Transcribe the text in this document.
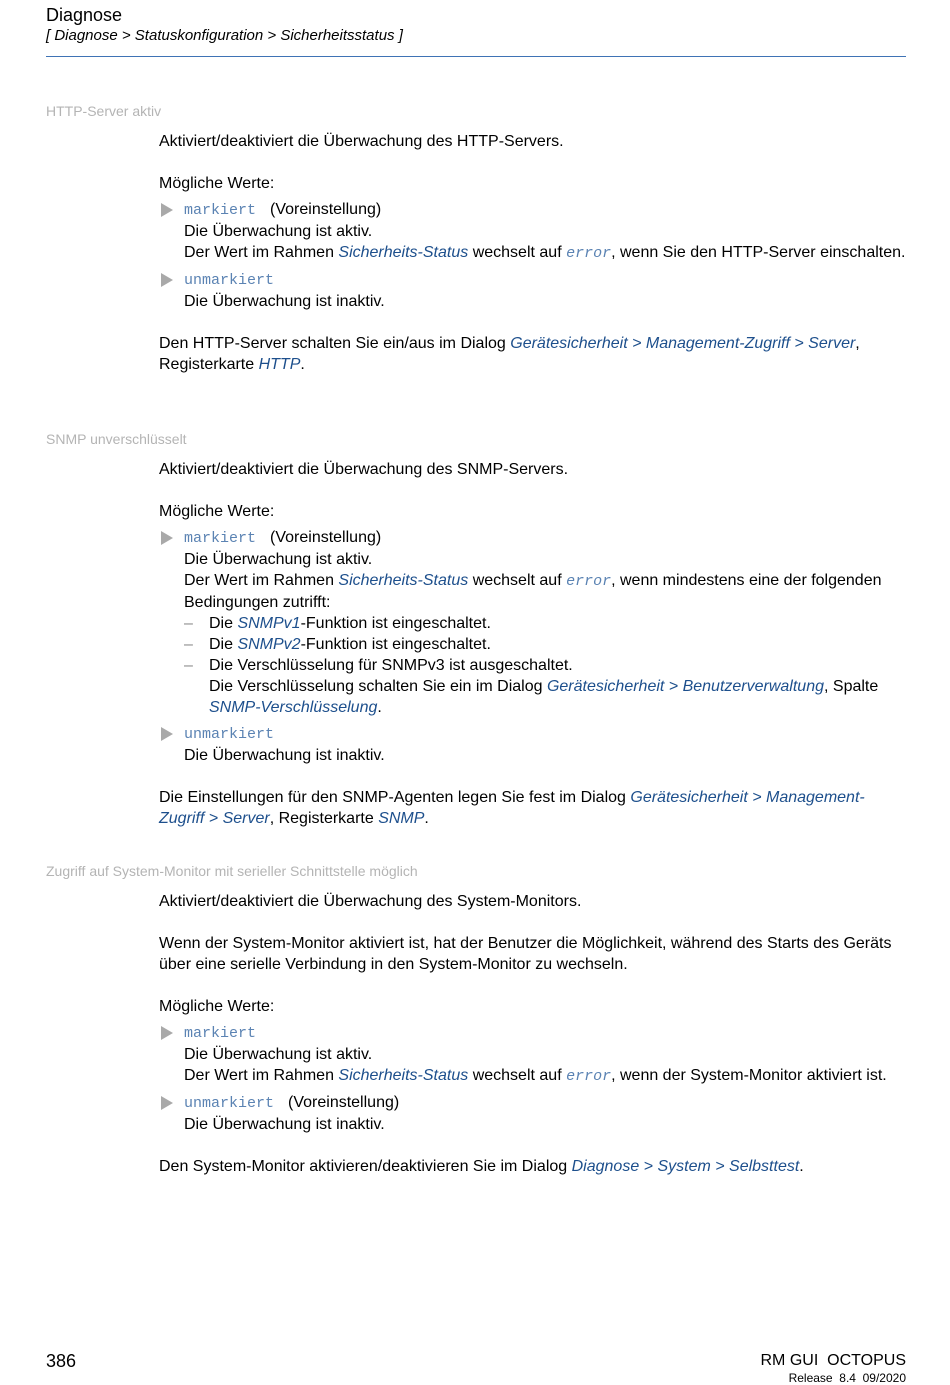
Diagnose
[ Diagnose > Statuskonfiguration > Sicherheitsstatus ]
HTTP-Server aktiv

Aktiviert/deaktiviert die Überwachung des HTTP-Servers.

Mögliche Werte:

markiert (Voreinstellung)
Die Überwachung ist aktiv.
Der Wert im Rahmen Sicherheits-Status wechselt auf error, wenn Sie den HTTP-Server einschalten.
unmarkiert
Die Überwachung ist inaktiv.

Den HTTP-Server schalten Sie ein/aus im Dialog Gerätesicherheit > Management-Zugriff > Server, Registerkarte HTTP.

SNMP unverschlüsselt

Aktiviert/deaktiviert die Überwachung des SNMP-Servers.

Mögliche Werte:

markiert (Voreinstellung)
Die Überwachung ist aktiv.
Der Wert im Rahmen Sicherheits-Status wechselt auf error, wenn mindestens eine der folgenden Bedingungen zutrifft:
– Die SNMPv1-Funktion ist eingeschaltet.
– Die SNMPv2-Funktion ist eingeschaltet.
– Die Verschlüsselung für SNMPv3 ist ausgeschaltet.
Die Verschlüsselung schalten Sie ein im Dialog Gerätesicherheit > Benutzerverwaltung, Spalte SNMP-Verschlüsselung.
unmarkiert
Die Überwachung ist inaktiv.

Die Einstellungen für den SNMP-Agenten legen Sie fest im Dialog Gerätesicherheit > Management-Zugriff > Server, Registerkarte SNMP.

Zugriff auf System-Monitor mit serieller Schnittstelle möglich

Aktiviert/deaktiviert die Überwachung des System-Monitors.

Wenn der System-Monitor aktiviert ist, hat der Benutzer die Möglichkeit, während des Starts des Geräts über eine serielle Verbindung in den System-Monitor zu wechseln.

Mögliche Werte:

markiert
Die Überwachung ist aktiv.
Der Wert im Rahmen Sicherheits-Status wechselt auf error, wenn der System-Monitor aktiviert ist.
unmarkiert (Voreinstellung)
Die Überwachung ist inaktiv.

Den System-Monitor aktivieren/deaktivieren Sie im Dialog Diagnose > System > Selbsttest.

386	RM GUI  OCTOPUS
Release  8.4  09/2020
